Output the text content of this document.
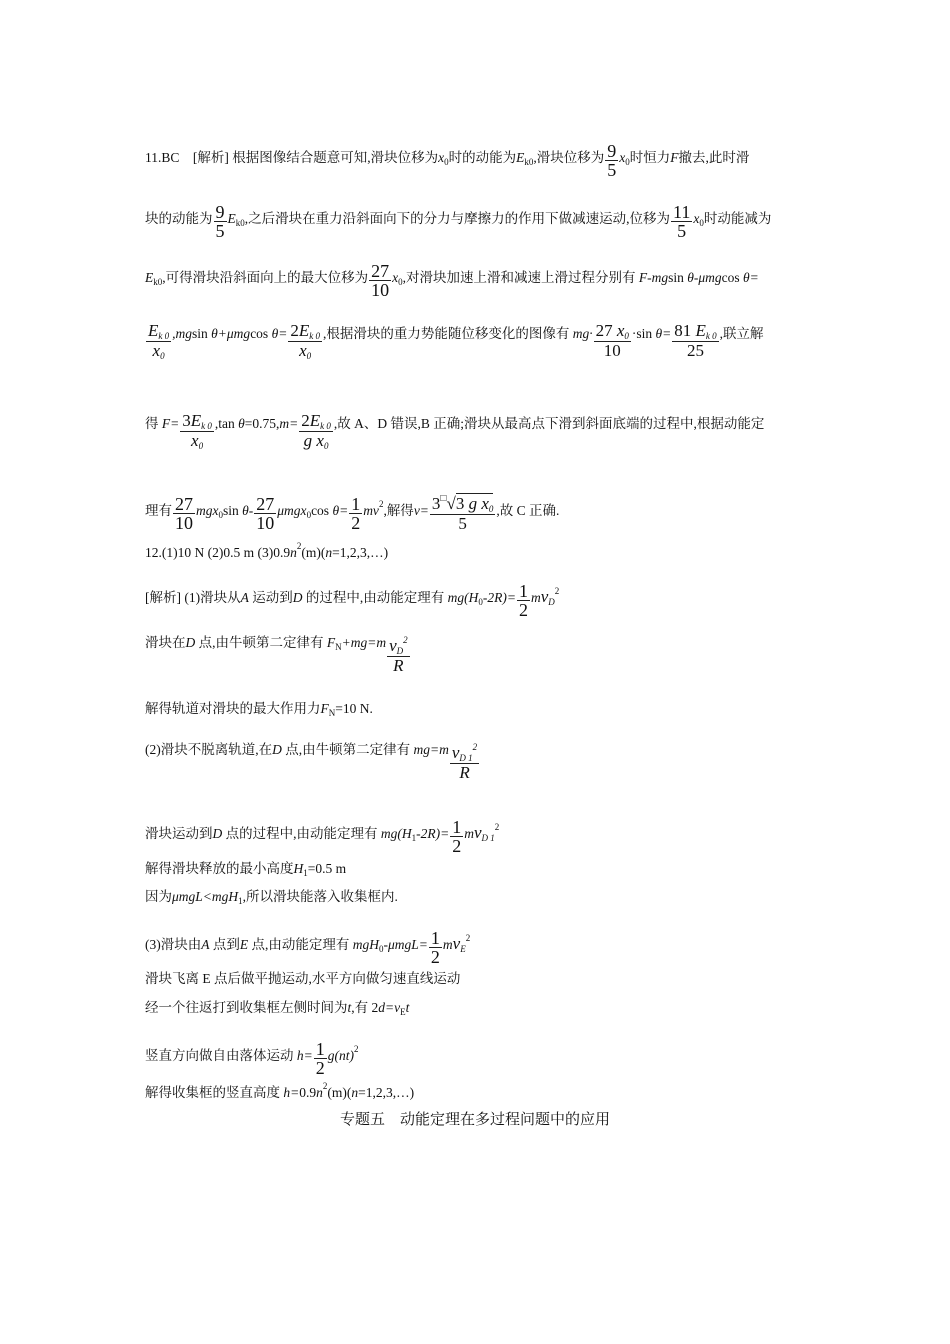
11.BC [解析] 根据图像结合题意可知,滑块位移为$x_0$时的动能为$E_{k0}$,滑块位移为 $\frac{9}{5} x_0$时恒力F撤去,此时滑
块的动能为 $\frac{9}{5} E_{k0}$,之后滑块在重力沿斜面向下的分力与摩擦力的作用下做减速运动,位移为 $\frac{11}{5} x_0$时动能减为
$E_{k0}$,可得滑块沿斜面向上的最大位移为 $\frac{27}{10} x_0$,对滑块加速上滑和减速上滑过程分别有 F-mgsin θ-μmgcos θ=
$\frac{E_{k 0}}{x_0} ,mgsin$ θ+μmgcos $\theta= \frac{2E_{k 0}}{x_0}$ ,根据滑块的重力势能随位移变化的图像有 $mg\cdot \frac{27 x_0}{10} \cdot\sin$ $\theta= \frac{81 E_{k 0}}{25}$ ,联立解
得 $F= \frac{3E_{k 0}}{x_0} ,\tan$ $\theta=0.75,m= \frac{2E_{k 0}}{g x_0}$ ,故 A、D 错误,B 正确;滑块从最高点下滑到斜面底端的过程中,根据动能定
理有 $\frac{27}{10} mgx_0\sin$ $\theta- \frac{27}{10} \mu mgx_0\cos$ $\theta= \frac{1}{2} mv^2$,解得$v= \frac{3^□√3 g x_0}{5}$ ,故 C 正确.
12.(1)10 N (2)0.5 m $(3)0.9n^2(m)(n=1,2,3,\dots)$
[解析] (1)滑块从A 运动到D 的过程中,由动能定理有 $mg(H_0-2R)= \frac{1}{2} mv_D^2$
滑块在D 点,由牛顿第二定律有 $F_N+mg=m \frac{v_D^2}{R}$
解得轨道对滑块的最大作用力$F_N=10$ N.
(2)滑块不脱离轨道,在D 点,由牛顿第二定律有 $mg=m \frac{v_{D 1}^2}{R}$
滑块运动到D 点的过程中,由动能定理有 $mg(H_1-2R)= \frac{1}{2} mv_{D 1}^2$
解得滑块释放的最小高度$H_1=0.5$ m
因为μmgL<mgH$_1$,所以滑块能落入收集框内.
(3)滑块由A 点到E 点,由动能定理有 $mgH_0-\mu mgL= \frac{1}{2} mv_E^2$
滑块飞离 E 点后做平抛运动,水平方向做匀速直线运动
经一个往返打到收集框左侧时间为t,有 $2d=v_Et$
竖直方向做自由落体运动 $h= \frac{1}{2} g(nt)^2$
解得收集框的竖直高度 $h=0.9n^2(m)(n=1,2,3,\dots)$
专题五　动能定理在多过程问题中的应用
